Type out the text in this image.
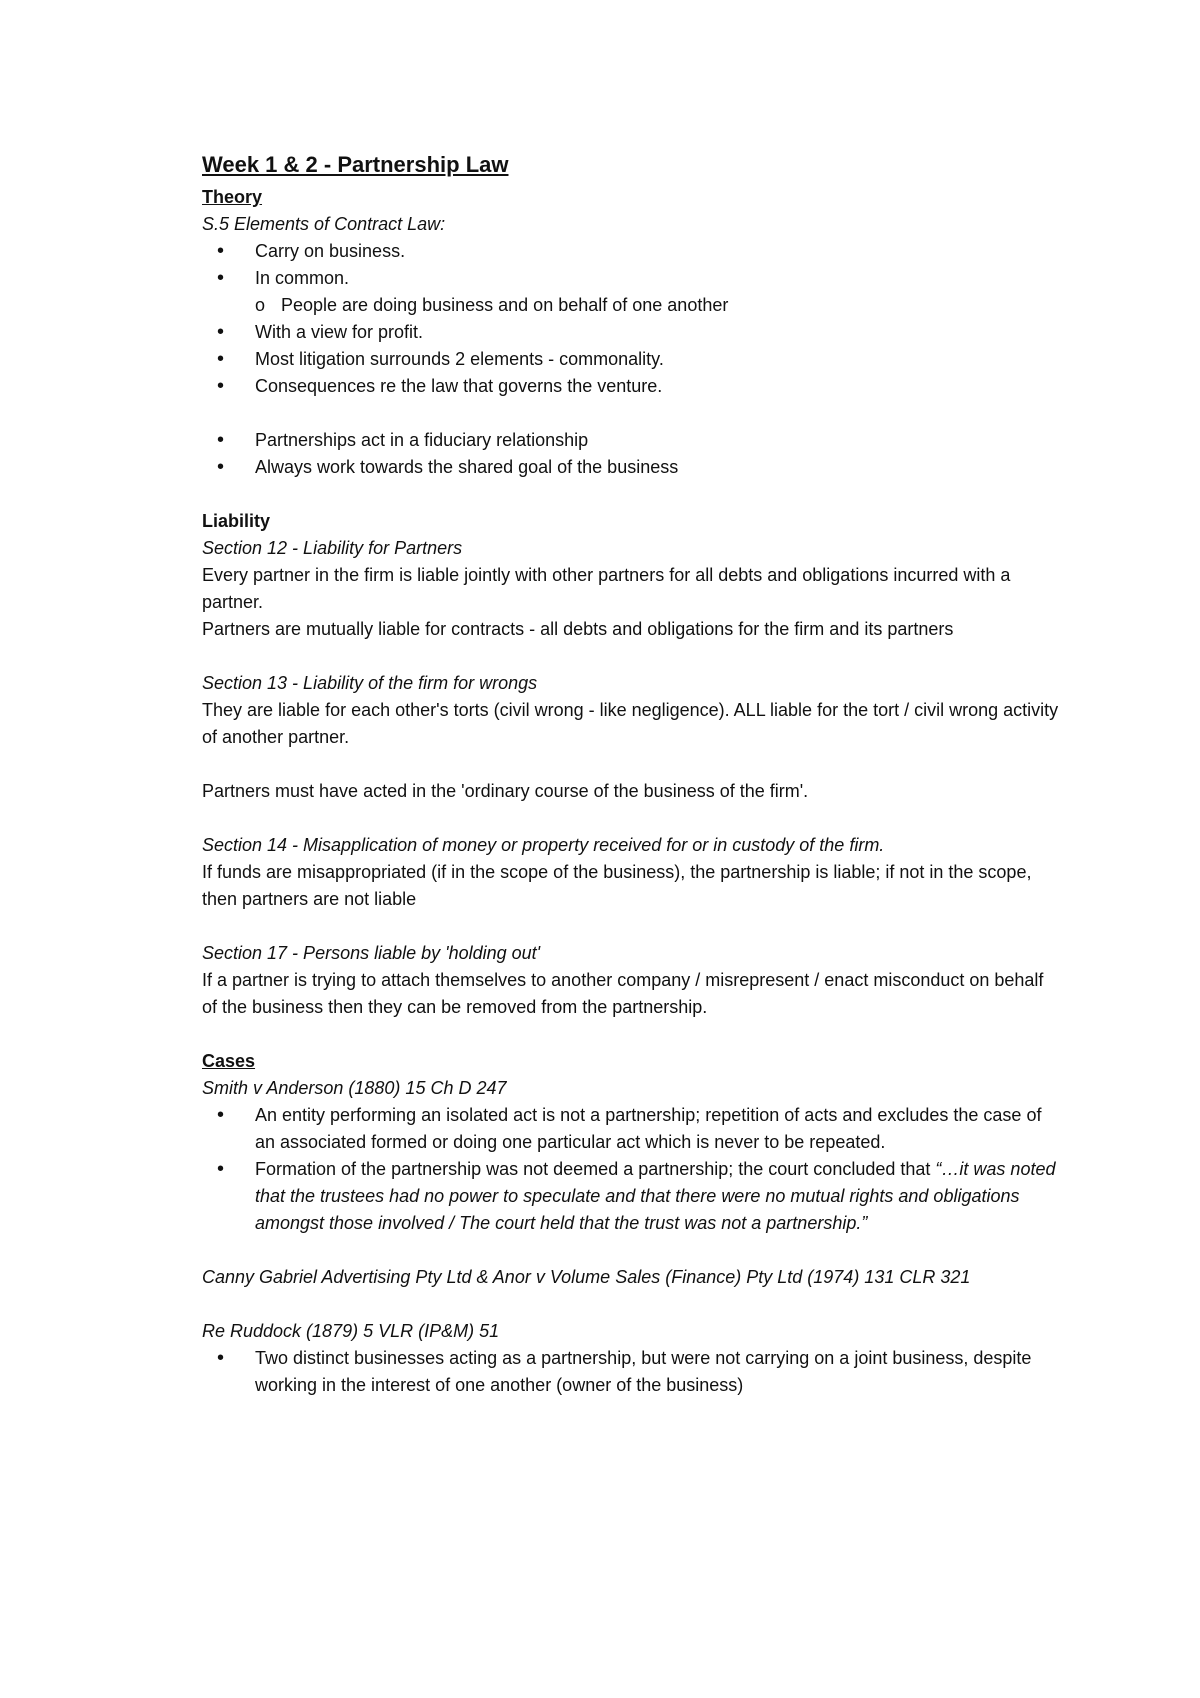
Week 1 & 2 - Partnership Law

Theory

S.5 Elements of Contract Law:

• Carry on business.
• In common.
o People are doing business and on behalf of one another
• With a view for profit.
• Most litigation surrounds 2 elements - commonality.
• Consequences re the law that governs the venture.
• Partnerships act in a fiduciary relationship
• Always work towards the shared goal of the business

Liability

Section 12 - Liability for Partners

Every partner in the firm is liable jointly with other partners for all debts and obligations incurred with a partner.

Partners are mutually liable for contracts - all debts and obligations for the firm and its partners

Section 13 - Liability of the firm for wrongs

They are liable for each other's torts (civil wrong - like negligence). ALL liable for the tort / civil wrong activity of another partner.

Partners must have acted in the 'ordinary course of the business of the firm'.

Section 14 - Misapplication of money or property received for or in custody of the firm.

If funds are misappropriated (if in the scope of the business), the partnership is liable; if not in the scope, then partners are not liable

Section 17 - Persons liable by 'holding out'

If a partner is trying to attach themselves to another company / misrepresent / enact misconduct on behalf of the business then they can be removed from the partnership.

Cases

Smith v Anderson (1880) 15 Ch D 247

• An entity performing an isolated act is not a partnership; repetition of acts and excludes the case of an associated formed or doing one particular act which is never to be repeated.
• Formation of the partnership was not deemed a partnership; the court concluded that “…it was noted that the trustees had no power to speculate and that there were no mutual rights and obligations amongst those involved / The court held that the trust was not a partnership.”

Canny Gabriel Advertising Pty Ltd & Anor v Volume Sales (Finance) Pty Ltd (1974) 131 CLR 321

Re Ruddock (1879) 5 VLR (IP&M) 51

• Two distinct businesses acting as a partnership, but were not carrying on a joint business, despite working in the interest of one another (owner of the business)
